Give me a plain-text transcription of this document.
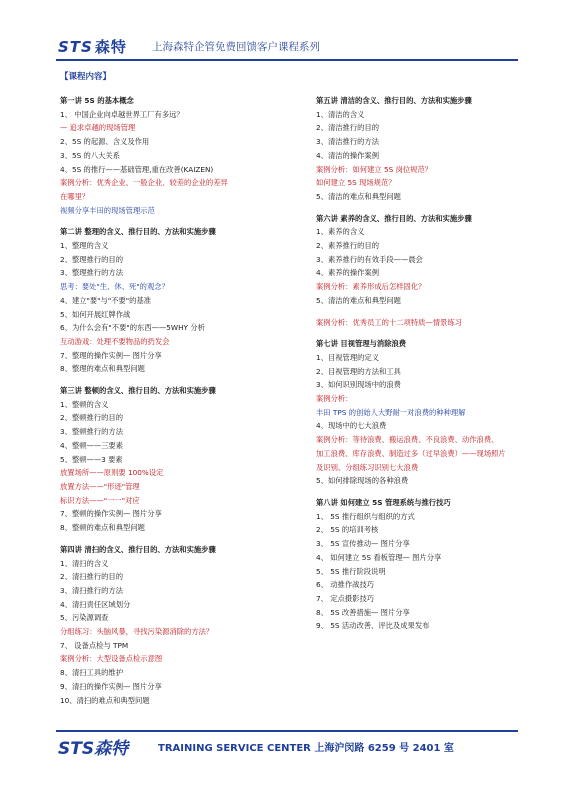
STS 森特 上海森特企管免费回馈客户课程系列
【课程内容】
第一讲 5S 的基本概念
1、 中国企业向卓越世界工厂有多远？
— 追求卓越的现场管理
2、5S 的起源、含义及作用
3、5S 的八大关系
4、5S 的推行——基础管理,重在改善(KAIZEN)
案例分析：优秀企业、一般企业、较差的企业的差异
在哪里？
视频分享丰田的现场管理示范
第二讲 整理的含义、推行目的、方法和实施步骤
1、整理的含义
2、整理推行的目的
3、整理推行的方法
思考：要处"生、休、死"的观念？
4、建立"要"与"不要"的基准
5、如何开展红牌作战
6、为什么会有"不要"的东西——5WHY 分析
互动游戏：处理不要物品的扔发会
7、整理的操作实例— 图片分享
8、整理的难点和典型问题
第三讲 整顿的含义、推行目的、方法和实施步骤
1、整顿的含义
2、整顿推行的目的
3、整顿推行的方法
4、整顿——三要素
5、整顿——3 要素
放置场所——原则要 100%设定
放置方法——"形迹"管理
标识方法——"一一"对应
7、整顿的操作实例— 图片分享
8、整顿的难点和典型问题
第四讲 清扫的含义、推行目的、方法和实施步骤
1、清扫的含义
2、清扫推行的目的
3、清扫推行的方法
4、清扫责任区域划分
5、污染源调查
分组练习：头脑风暴，寻找污染源消除的方法？
7、 设备点检与 TPM
案例分析：大型设备点检示意图
8、清扫工具的维护
9、清扫的操作实例— 图片分享
10、清扫的难点和典型问题
第五讲 清洁的含义、推行目的、方法和实施步骤
1、清洁的含义
2、清洁推行的目的
3、清洁推行的方法
4、清洁的操作案例
案例分析：如何建立 5S 岗位规范？
如何建立 5S 现场规范？
5、清洁的难点和典型问题
第六讲 素养的含义、推行目的、方法和实施步骤
1、素养的含义
2、素养推行的目的
3、素养推行的有效手段——晨会
4、素养的操作案例
案例分析：素养形成后怎样固化？
5、清洁的难点和典型问题
案例分析：优秀员工的十二项特质—情景练习
第七讲 目视管理与消除浪费
1、目视管理的定义
2、目视管理的方法和工具
3、如何识别现场中的浪费
案例分析：
丰田 TPS 的创始人大野耐一对浪费的种种理解
4、现场中的七大浪费
案例分析：等待浪费、搬运浪费、不良浪费、动作浪费、
加工浪费、库存浪费、制造过多（过早浪费）——现场照片
及识别、分组练习识别七大浪费
5、如何排除现场的各种浪费
第八讲 如何建立 5S 管理系统与推行技巧
1、 5S 推行组织与组织的方式
2、 5S 的培训考核
3、 5S 宣传推动— 图片分享
4、 如何建立 5S 看板管理— 图片分享
5、 5S 推行阶段说明
6、 动推作战技巧
7、 定点摄影技巧
8、 5S 改善措施— 图片分享
9、 5S 活动改善、评比及成果发布
STS森特	TRAINING SERVICE CENTER 上海沪闵路 6259 号 2401 室
